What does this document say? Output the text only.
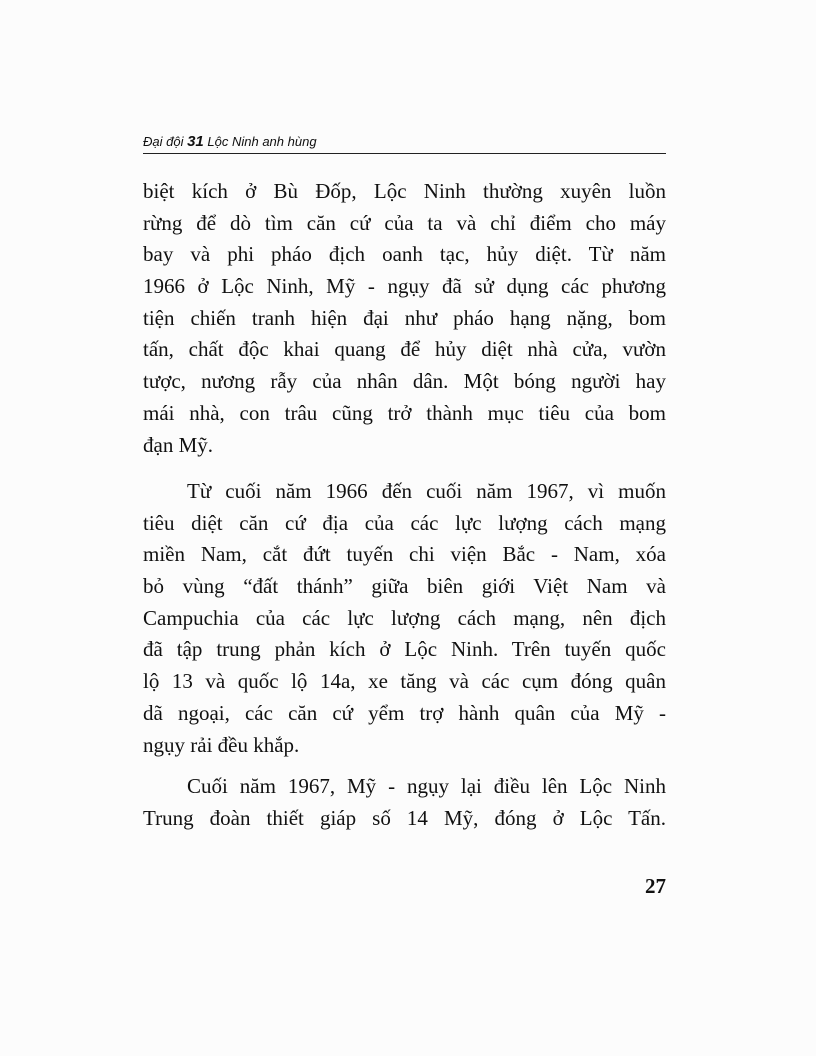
Đại đội 31 Lộc Ninh anh hùng
biệt kích ở Bù Đốp, Lộc Ninh thường xuyên luồn
rừng để dò tìm căn cứ của ta và chỉ điểm cho máy
bay và phi pháo địch oanh tạc, hủy diệt. Từ năm
1966 ở Lộc Ninh, Mỹ - ngụy đã sử dụng các phương
tiện chiến tranh hiện đại như pháo hạng nặng, bom
tấn, chất độc khai quang để hủy diệt nhà cửa, vườn
tược, nương rẫy của nhân dân. Một bóng người hay
mái nhà, con trâu cũng trở thành mục tiêu của bom
đạn Mỹ.
Từ cuối năm 1966 đến cuối năm 1967, vì muốn
tiêu diệt căn cứ địa của các lực lượng cách mạng
miền Nam, cắt đứt tuyến chi viện Bắc - Nam, xóa
bỏ vùng “đất thánh” giữa biên giới Việt Nam và
Campuchia của các lực lượng cách mạng, nên địch
đã tập trung phản kích ở Lộc Ninh. Trên tuyến quốc
lộ 13 và quốc lộ 14a, xe tăng và các cụm đóng quân
dã ngoại, các căn cứ yểm trợ hành quân của Mỹ -
ngụy rải đều khắp.
Cuối năm 1967, Mỹ - ngụy lại điều lên Lộc Ninh
Trung đoàn thiết giáp số 14 Mỹ, đóng ở Lộc Tấn.
27
